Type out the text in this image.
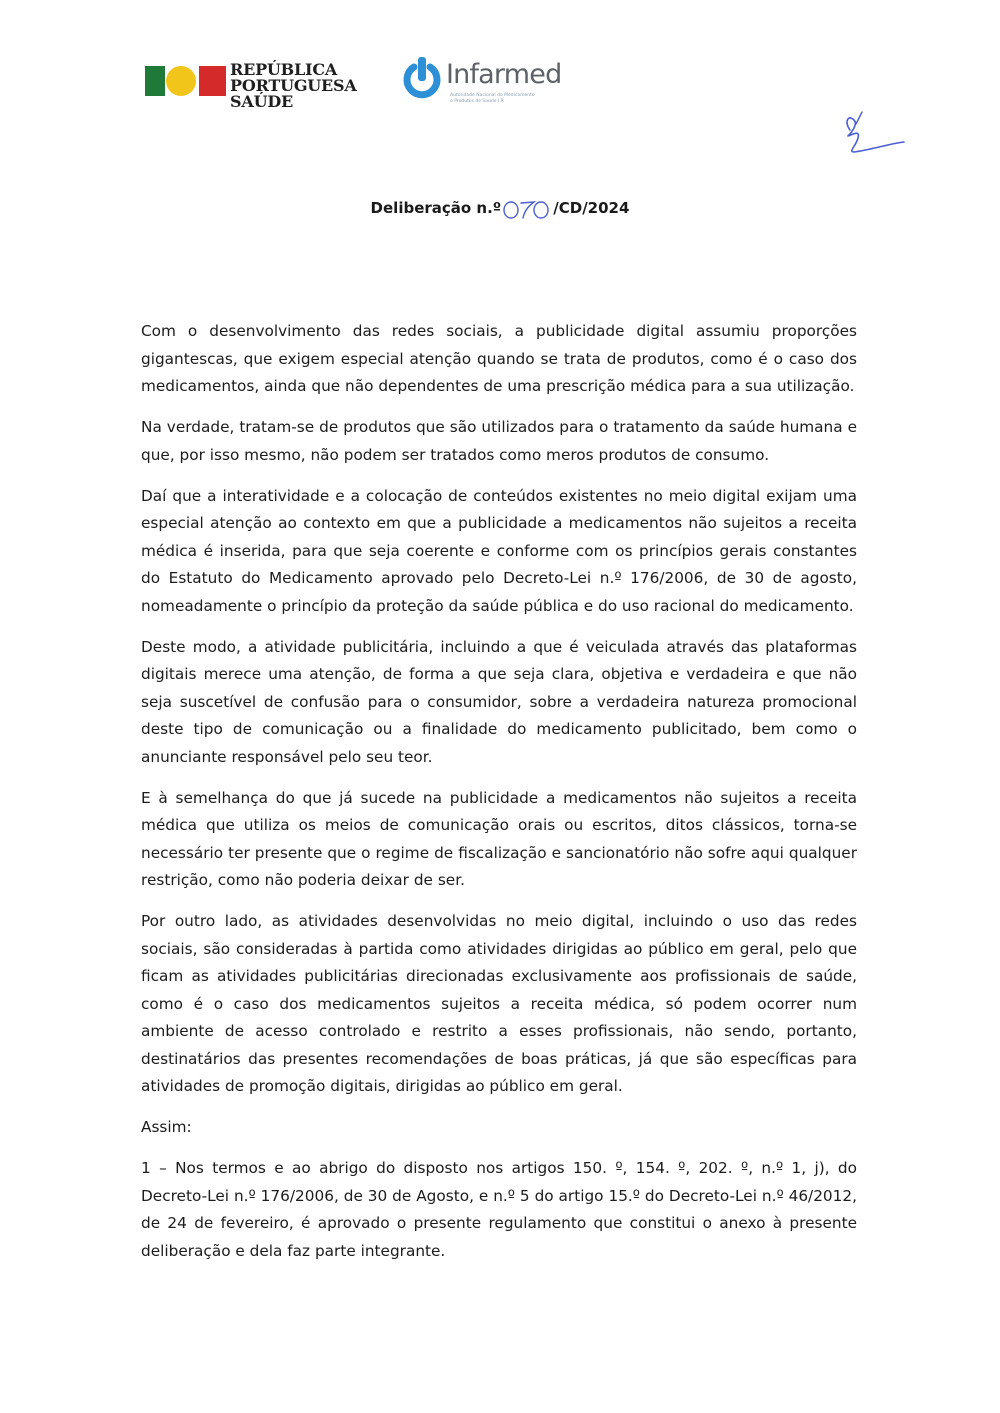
REPÚBLICA
PORTUGUESA
SAÚDE
Infarmed
Autoridade Nacional do Medicamento
e Produtos de Saúde I.P.
Deliberação n.º	/CD/2024

Com o desenvolvimento das redes sociais, a publicidade digital assumiu proporções gigantescas, que exigem especial atenção quando se trata de produtos, como é o caso dos medicamentos, ainda que não dependentes de uma prescrição médica para a sua utilização.

Na verdade, tratam-se de produtos que são utilizados para o tratamento da saúde humana e que, por isso mesmo, não podem ser tratados como meros produtos de consumo.

Daí que a interatividade e a colocação de conteúdos existentes no meio digital exijam uma especial atenção ao contexto em que a publicidade a medicamentos não sujeitos a receita médica é inserida, para que seja coerente e conforme com os princípios gerais constantes do Estatuto do Medicamento aprovado pelo Decreto-Lei n.º 176/2006, de 30 de agosto, nomeadamente o princípio da proteção da saúde pública e do uso racional do medicamento.

Deste modo, a atividade publicitária, incluindo a que é veiculada através das plataformas digitais merece uma atenção, de forma a que seja clara, objetiva e verdadeira e que não seja suscetível de confusão para o consumidor, sobre a verdadeira natureza promocional deste tipo de comunicação ou a finalidade do medicamento publicitado, bem como o anunciante responsável pelo seu teor.

E à semelhança do que já sucede na publicidade a medicamentos não sujeitos a receita médica que utiliza os meios de comunicação orais ou escritos, ditos clássicos, torna-se necessário ter presente que o regime de fiscalização e sancionatório não sofre aqui qualquer restrição, como não poderia deixar de ser.

Por outro lado, as atividades desenvolvidas no meio digital, incluindo o uso das redes sociais, são consideradas à partida como atividades dirigidas ao público em geral, pelo que ficam as atividades publicitárias direcionadas exclusivamente aos profissionais de saúde, como é o caso dos medicamentos sujeitos a receita médica, só podem ocorrer num ambiente de acesso controlado e restrito a esses profissionais, não sendo, portanto, destinatários das presentes recomendações de boas práticas, já que são específicas para atividades de promoção digitais, dirigidas ao público em geral.

Assim:

1 – Nos termos e ao abrigo do disposto nos artigos 150. º, 154. º, 202. º, n.º 1, j), do Decreto-Lei n.º 176/2006, de 30 de Agosto, e n.º 5 do artigo 15.º do Decreto-Lei n.º 46/2012, de 24 de fevereiro, é aprovado o presente regulamento que constitui o anexo à presente deliberação e dela faz parte integrante.
